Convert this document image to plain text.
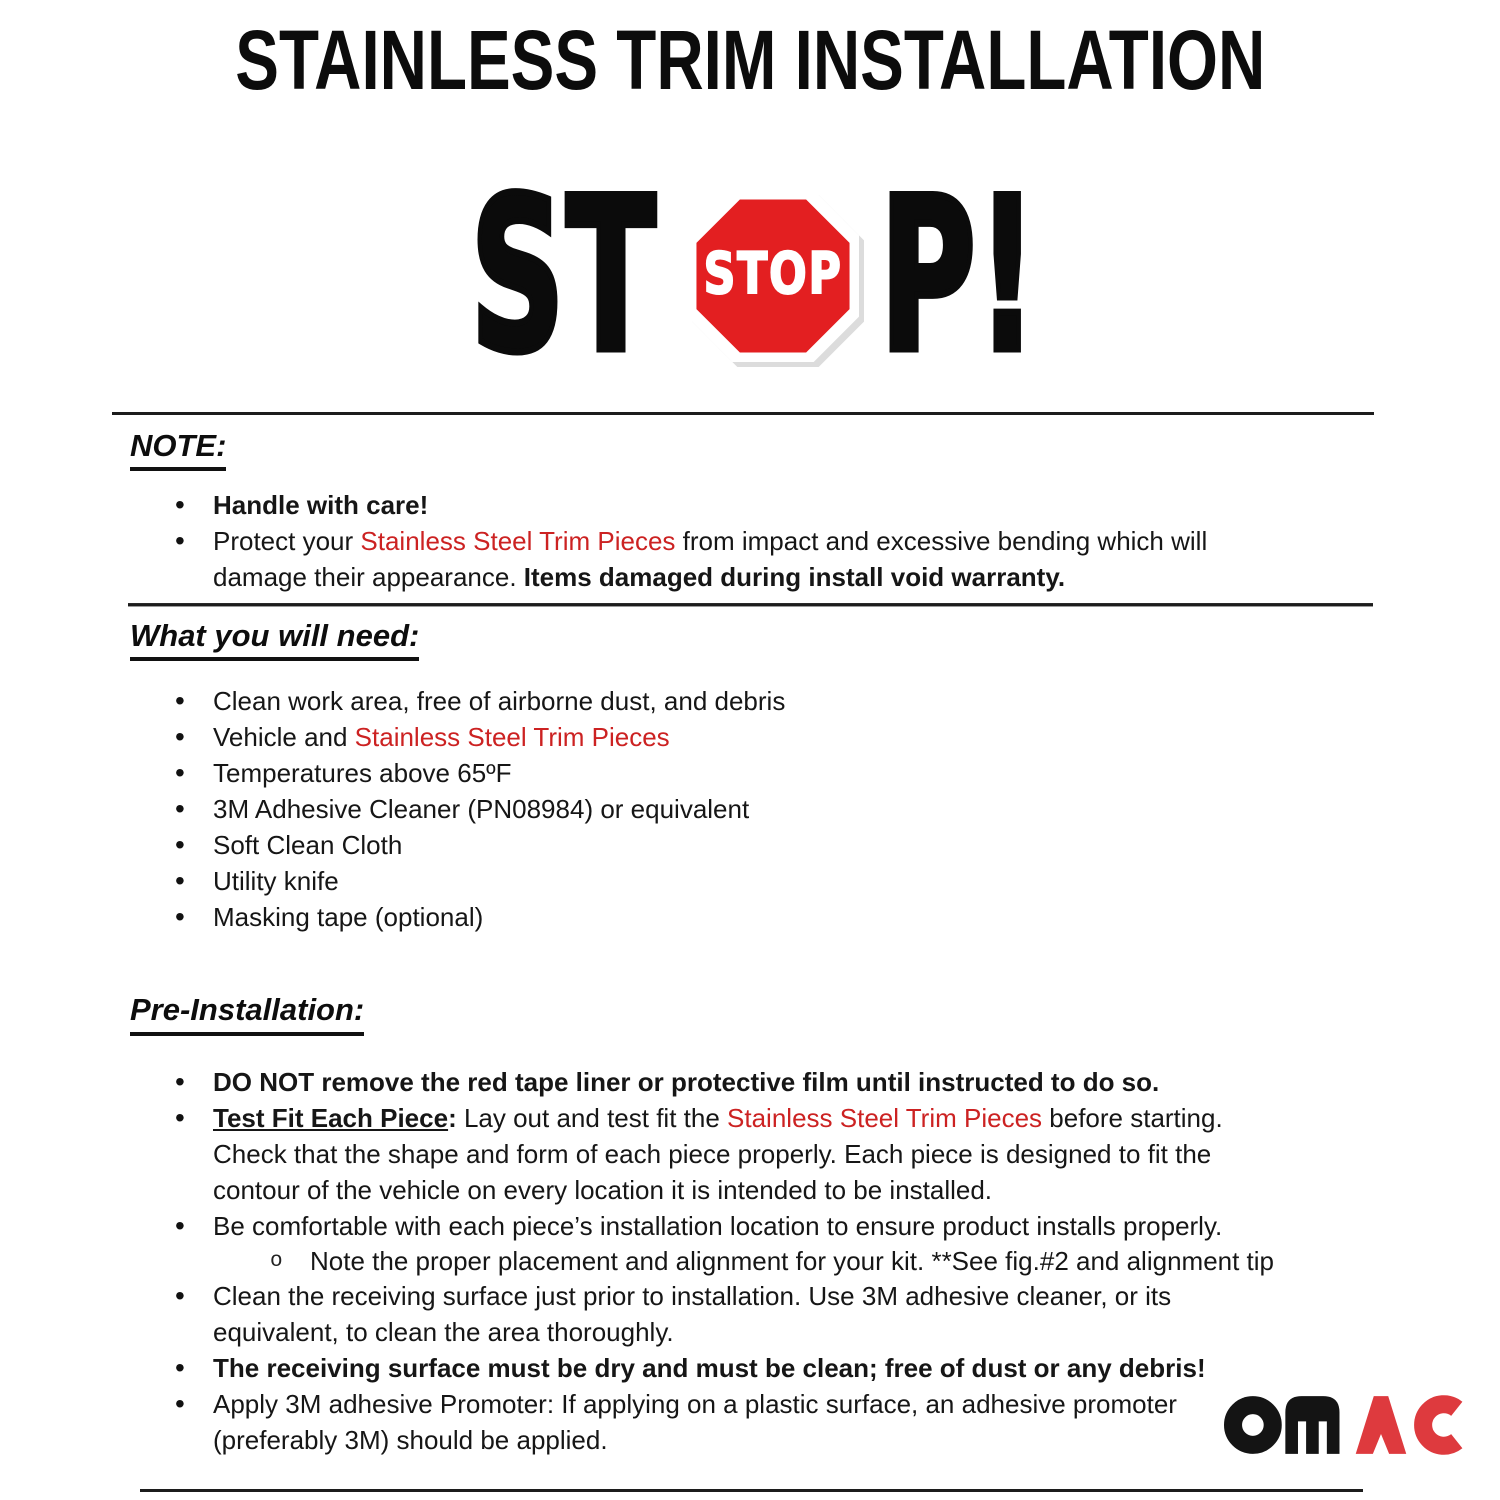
STAINLESS TRIM INSTALLATION
ST STOP P!
NOTE:
• Handle with care!
• Protect your Stainless Steel Trim Pieces from impact and excessive bending which will
damage their appearance. Items damaged during install void warranty.
What you will need:
• Clean work area, free of airborne dust, and debris
• Vehicle and Stainless Steel Trim Pieces
• Temperatures above 65ºF
• 3M Adhesive Cleaner (PN08984) or equivalent
• Soft Clean Cloth
• Utility knife
• Masking tape (optional)
Pre-Installation:
• DO NOT remove the red tape liner or protective film until instructed to do so.
• Test Fit Each Piece: Lay out and test fit the Stainless Steel Trim Pieces before starting.
Check that the shape and form of each piece properly. Each piece is designed to fit the
contour of the vehicle on every location it is intended to be installed.
• Be comfortable with each piece’s installation location to ensure product installs properly.
o Note the proper placement and alignment for your kit. **See fig.#2 and alignment tip
• Clean the receiving surface just prior to installation. Use 3M adhesive cleaner, or its
equivalent, to clean the area thoroughly.
• The receiving surface must be dry and must be clean; free of dust or any debris!
• Apply 3M adhesive Promoter: If applying on a plastic surface, an adhesive promoter
(preferably 3M) should be applied.
